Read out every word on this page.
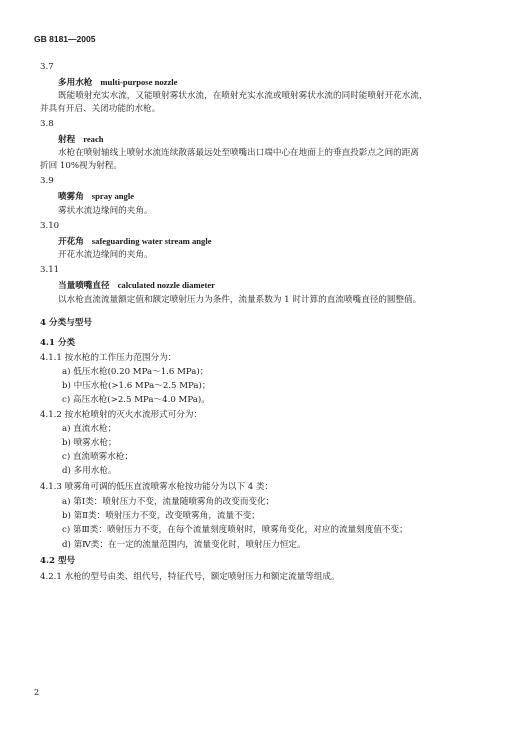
GB 8181—2005
3.7
多用水枪 multi-purpose nozzle
既能喷射充实水流，又能喷射雾状水流，在喷射充实水流或喷射雾状水流的同时能喷射开花水流，
并具有开启、关闭功能的水枪。
3.8
射程 reach
水枪在喷射轴线上喷射水流连续散落最远处至喷嘴出口端中心在地面上的垂直投影点之间的距离
折回 10%视为射程。
3.9
喷雾角 spray angle
雾状水流边缘间的夹角。
3.10
开花角 safeguarding water stream angle
开花水流边缘间的夹角。
3.11
当量喷嘴直径 calculated nozzle diameter
以水枪直流流量额定值和额定喷射压力为条件，流量系数为 1 时计算的直流喷嘴直径的圆整值。
4 分类与型号
4.1 分类
4.1.1 按水枪的工作压力范围分为：
a) 低压水枪(0.20 MPa～1.6 MPa)；
b) 中压水枪(>1.6 MPa～2.5 MPa)；
c) 高压水枪(>2.5 MPa～4.0 MPa)。
4.1.2 按水枪喷射的灭火水流形式可分为：
a) 直流水枪；
b) 喷雾水枪；
c) 直流喷雾水枪；
d) 多用水枪。
4.1.3 喷雾角可调的低压直流喷雾水枪按功能分为以下 4 类：
a) 第Ⅰ类：喷射压力不变，流量随喷雾角的改变而变化；
b) 第Ⅱ类：喷射压力不变，改变喷雾角，流量不变；
c) 第Ⅲ类：喷射压力不变，在每个流量刻度喷射时，喷雾角变化，对应的流量刻度值不变；
d) 第Ⅳ类：在一定的流量范围内，流量变化时，喷射压力恒定。
4.2 型号
4.2.1 水枪的型号由类、组代号，特征代号，额定喷射压力和额定流量等组成。
2
